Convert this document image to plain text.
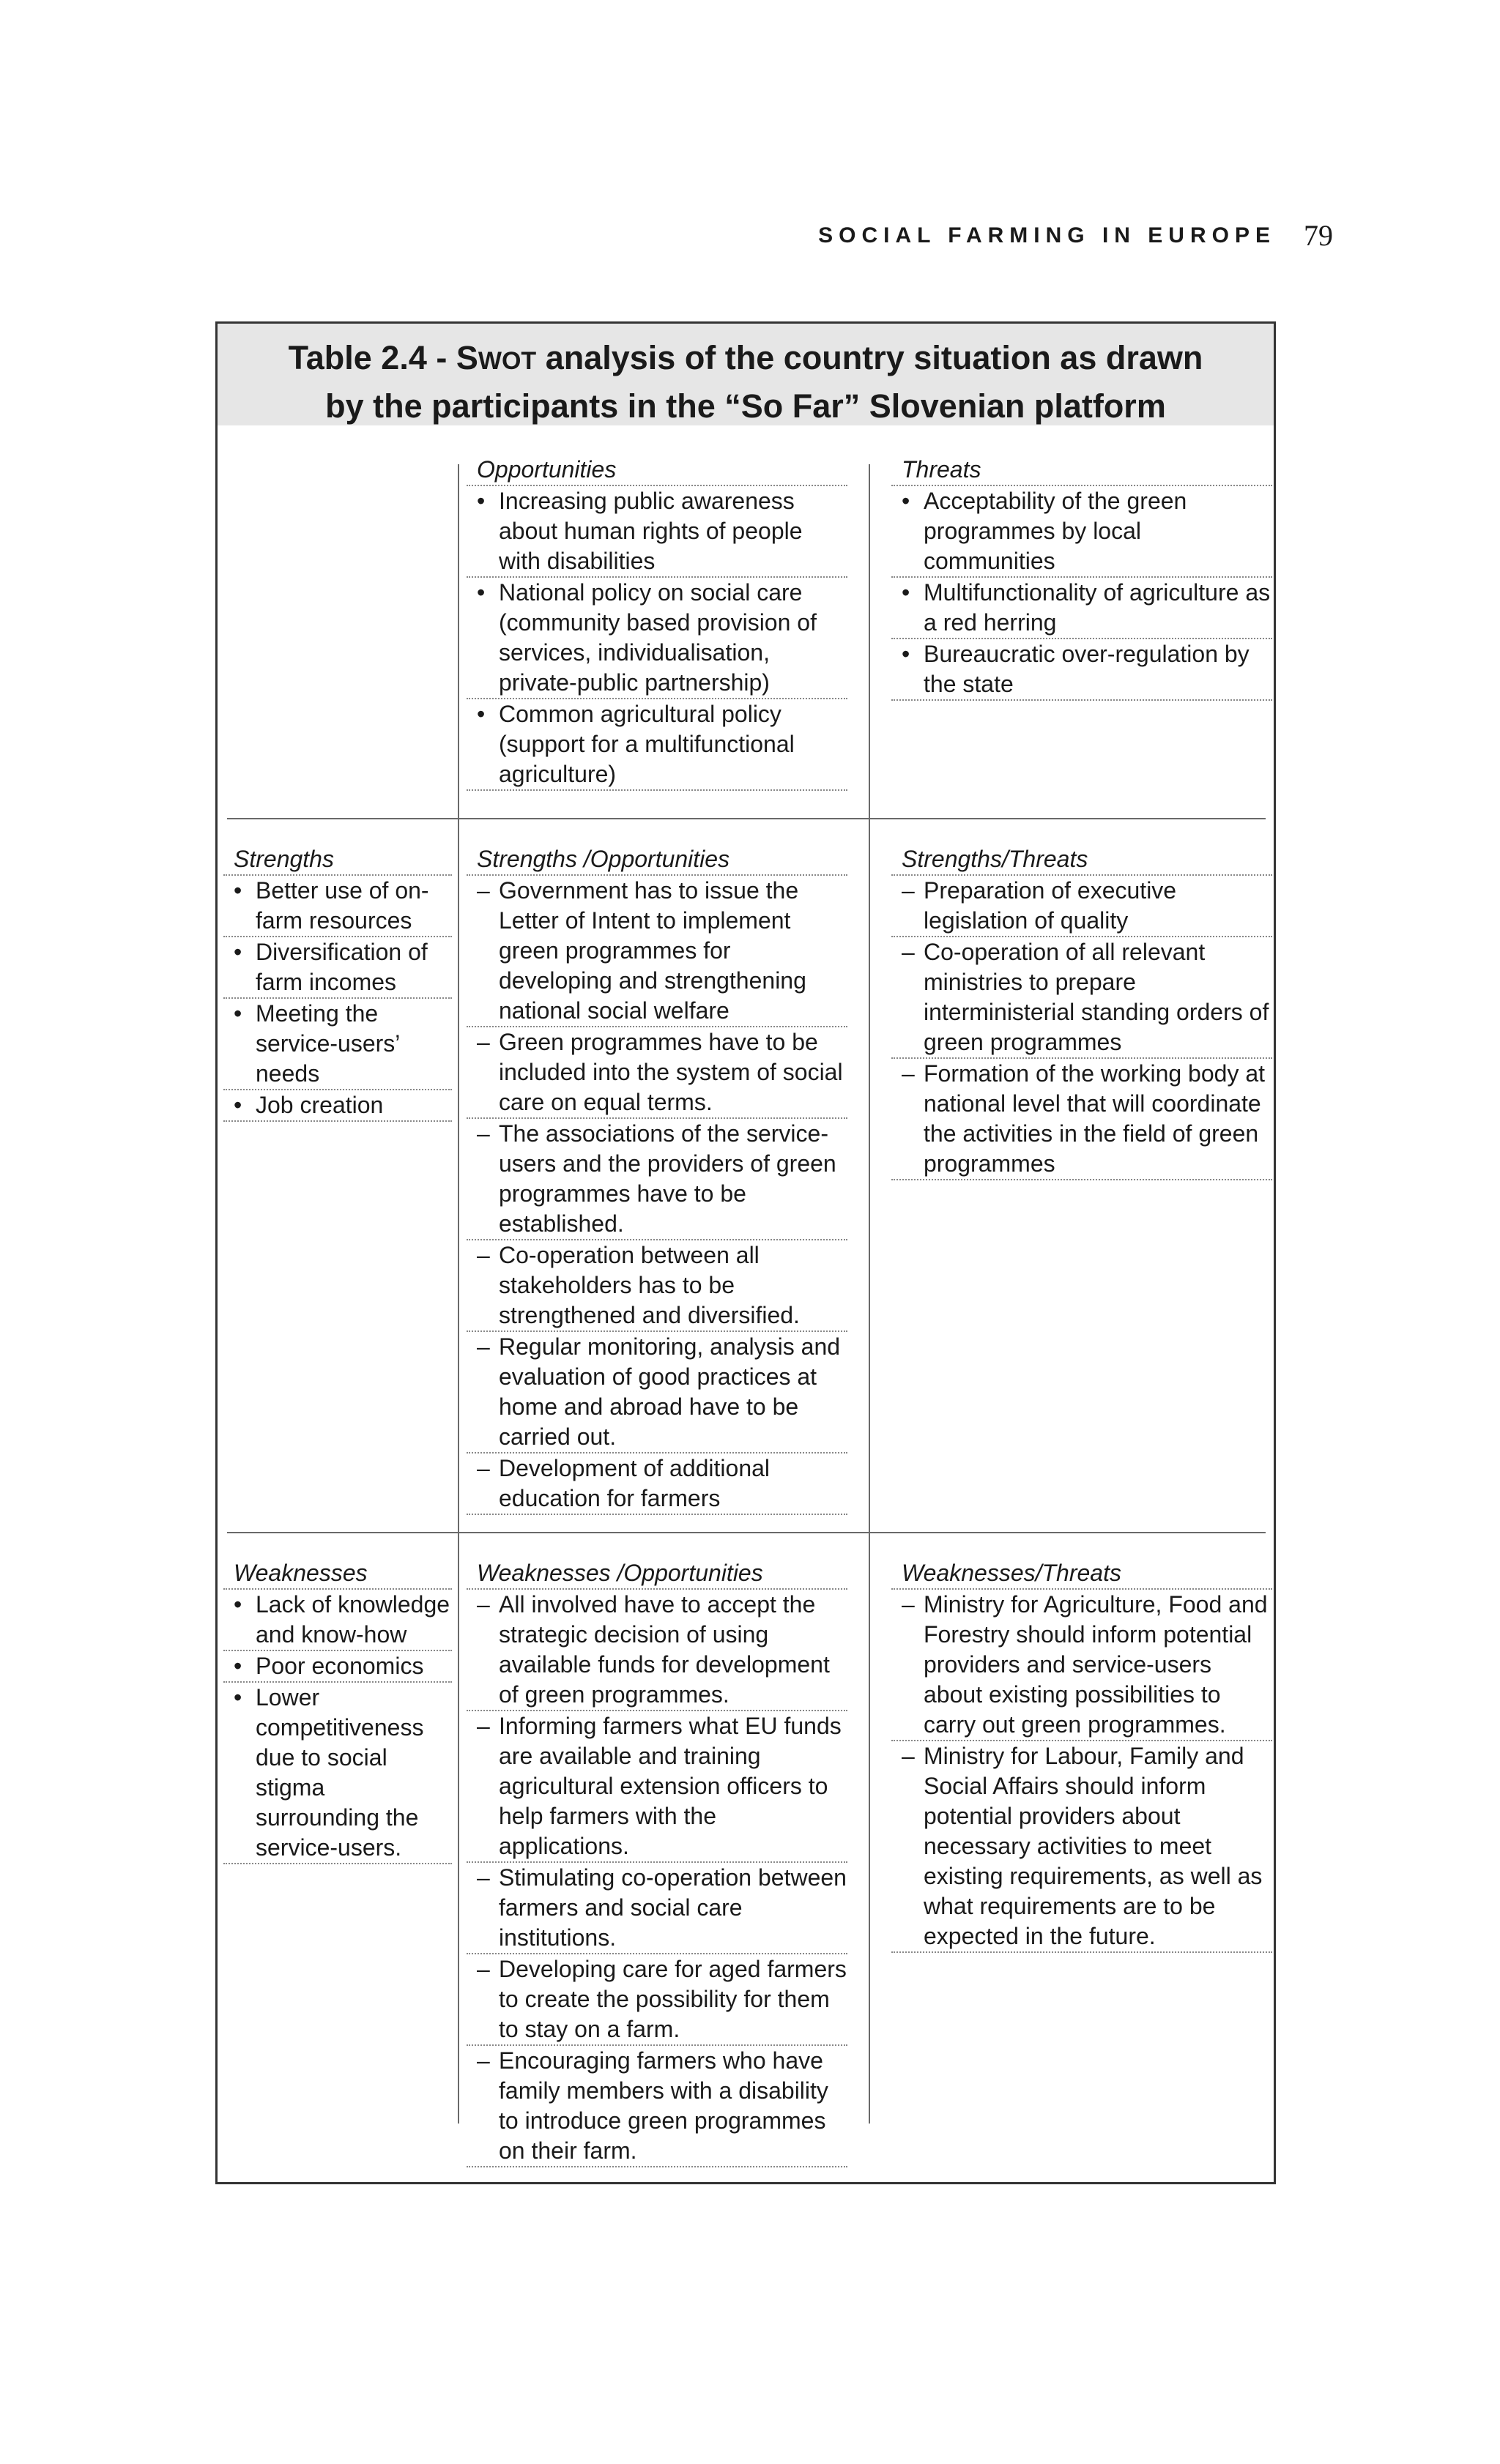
SOCIAL FARMING IN EUROPE 79
Table 2.4 - SWOT analysis of the country situation as drawn
by the participants in the “So Far” Slovenian platform
Opportunities
• Increasing public awareness about human rights of people with disabilities
• National policy on social care (community based provision of services, individualisation, private-public partnership)
• Common agricultural policy (support for a multifunctional agriculture)
Threats
• Acceptability of the green programmes by local communities
• Multifunctionality of agriculture as a red herring
• Bureaucratic over-regulation by the state
Strengths
• Better use of on-farm resources
• Diversification of farm incomes
• Meeting the service-users’ needs
• Job creation
Strengths /Opportunities
– Government has to issue the Letter of Intent to implement green programmes for developing and strengthening national social welfare
– Green programmes have to be included into the system of social care on equal terms.
– The associations of the service-users and the providers of green programmes have to be established.
– Co-operation between all stakeholders has to be strengthened and diversified.
– Regular monitoring, analysis and evaluation of good practices at home and abroad have to be carried out.
– Development of additional education for farmers
Strengths/Threats
– Preparation of executive legislation of quality
– Co-operation of all relevant ministries to prepare interministerial standing orders of green programmes
– Formation of the working body at national level that will coordinate the activities in the field of green programmes
Weaknesses
• Lack of knowledge and know-how
• Poor economics
• Lower competitiveness due to social stigma surrounding the service-users.
Weaknesses /Opportunities
– All involved have to accept the strategic decision of using available funds for development of green programmes.
– Informing farmers what EU funds are available and training agricultural extension officers to help farmers with the applications.
– Stimulating co-operation between farmers and social care institutions.
– Developing care for aged farmers to create the possibility for them to stay on a farm.
– Encouraging farmers who have family members with a disability to introduce green programmes on their farm.
Weaknesses/Threats
– Ministry for Agriculture, Food and Forestry should inform potential providers and service-users about existing possibilities to carry out green programmes.
– Ministry for Labour, Family and Social Affairs should inform potential providers about necessary activities to meet existing requirements, as well as what requirements are to be expected in the future.
